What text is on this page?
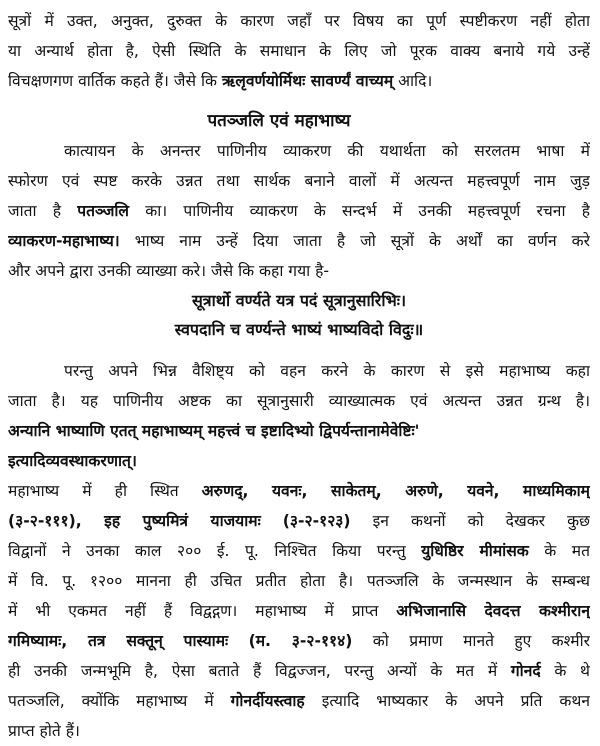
सूत्रों में उक्त, अनुक्त, दुरुक्त के कारण जहाँ पर विषय का पूर्ण स्पष्टीकरण नहीं होता
या अन्यार्थ होता है, ऐसी स्थिति के समाधान के लिए जो पूरक वाक्य बनाये गये उन्हें
विचक्षणगण वार्तिक कहते हैं। जैसे कि ऋलृवर्णयोर्मिथः सावर्ण्यं वाच्यम् आदि।
पतञ्जलि एवं महाभाष्य
कात्यायन के अनन्तर पाणिनीय व्याकरण की यथार्थता को सरलतम भाषा में
स्फोरण एवं स्पष्ट करके उन्नत तथा सार्थक बनाने वालों में अत्यन्त महत्त्वपूर्ण नाम जुड़
जाता है पतञ्जलि का। पाणिनीय व्याकरण के सन्दर्भ में उनकी महत्त्वपूर्ण रचना है
व्याकरण-महाभाष्य। भाष्य नाम उन्हें दिया जाता है जो सूत्रों के अर्थों का वर्णन करे
और अपने द्वारा उनकी व्याख्या करे। जैसे कि कहा गया है-
सूत्रार्थो वर्ण्यते यत्र पदं सूत्रानुसारिभिः।
स्वपदानि च वर्ण्यन्ते भाष्यं भाष्यविदो विदुः॥
परन्तु अपने भिन्न वैशिष्ट्य को वहन करने के कारण से इसे महाभाष्य कहा
जाता है। यह पाणिनीय अष्टक का सूत्रानुसारी व्याख्यात्मक एवं अत्यन्त उन्नत ग्रन्थ है।
अन्यानि भाष्याणि एतत् महाभाष्यम् महत्त्वं च इष्टादिभ्यो द्विपर्यन्तानामेवेष्टिः'
इत्यादिव्यवस्थाकरणात्।
महाभाष्य में ही स्थित अरुणद्, यवनः, साकेतम्, अरुणे, यवने, माध्यमिकाम्
(३-२-१११), इह पुष्यमित्रं याजयामः (३-२-१२३) इन कथनों को देखकर कुछ
विद्वानों ने उनका काल २०० ई. पू. निश्चित किया परन्तु युधिष्ठिर मीमांसक के मत
में वि. पू. १२०० मानना ही उचित प्रतीत होता है। पतञ्जलि के जन्मस्थान के सम्बन्ध
में भी एकमत नहीं हैं विद्वद्गण। महाभाष्य में प्राप्त अभिजानासि देवदत्त कश्मीरान्
गमिष्यामः, तत्र सक्तून् पास्यामः (म. ३-२-११४) को प्रमाण मानते हुए कश्मीर
ही उनकी जन्मभूमि है, ऐसा बताते हैं विद्वज्जन, परन्तु अन्यों के मत में गोनर्द के थे
पतञ्जलि, क्योंकि महाभाष्य में गोनर्दीयस्त्वाह इत्यादि भाष्यकार के अपने प्रति कथन
प्राप्त होते हैं।
